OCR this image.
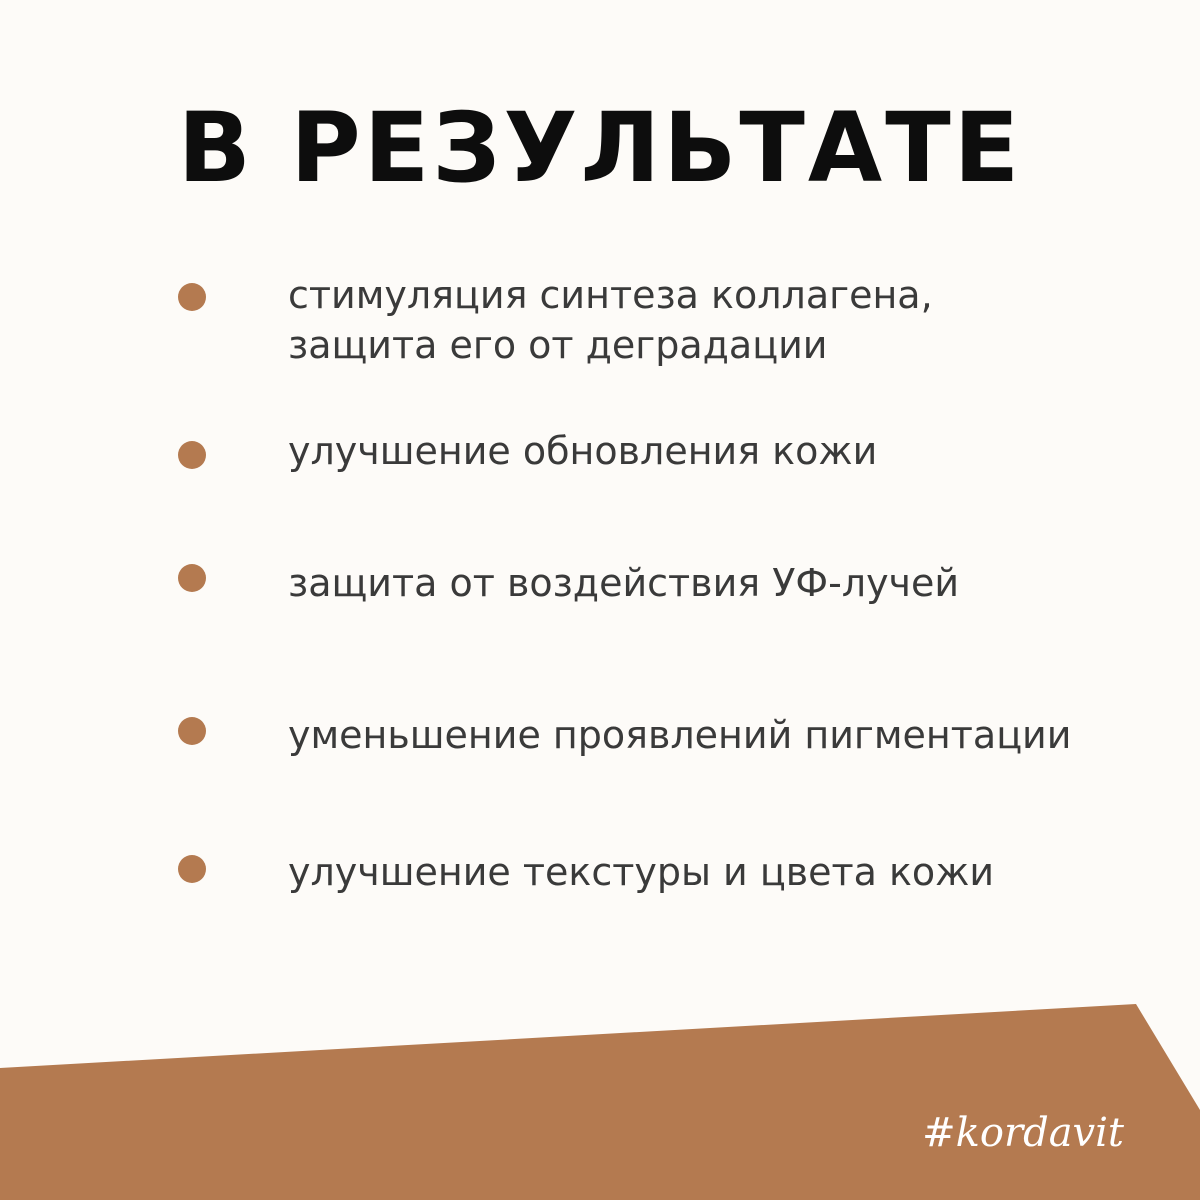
В РЕЗУЛЬТАТЕ
стимуляция синтеза коллагена,
защита его от деградации
улучшение обновления кожи
защита от воздействия УФ-лучей
уменьшение проявлений пигментации
улучшение текстуры и цвета кожи
#kordavit
